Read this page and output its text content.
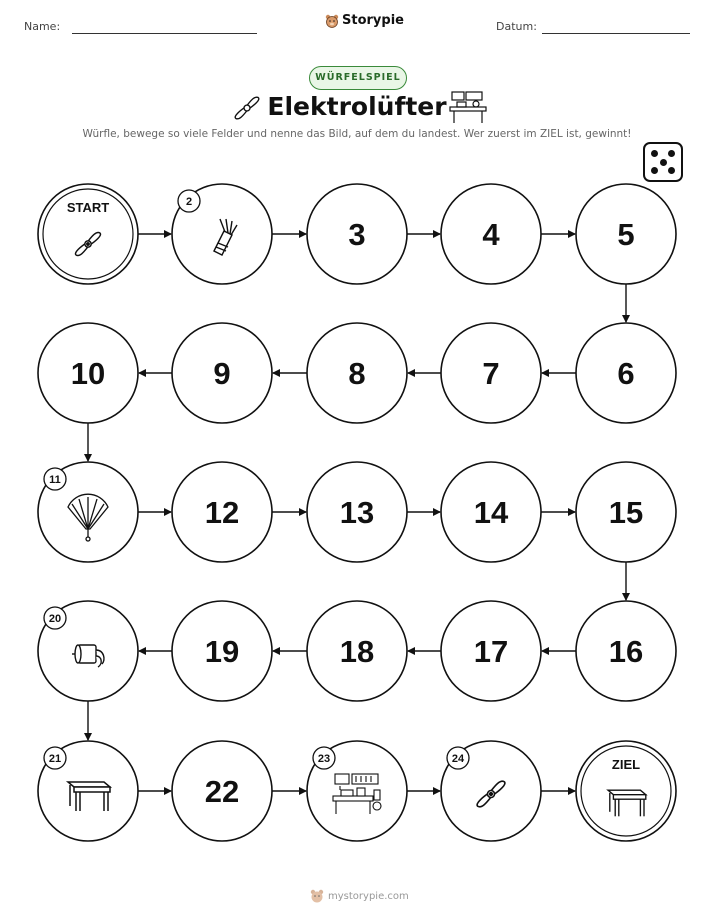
Name:	Storypie	Datum:
WÜRFELSPIEL
Elektrolüfter
Würfle, bewege so viele Felder und nenne das Bild, auf dem du landest. Wer zuerst im ZIEL ist, gewinnt!
START	2
3	4	5
6
7
8
9
10
11
12	13	14	15
16
17
18
19
20
21
22
23	24	ZIEL
mystorypie.com
